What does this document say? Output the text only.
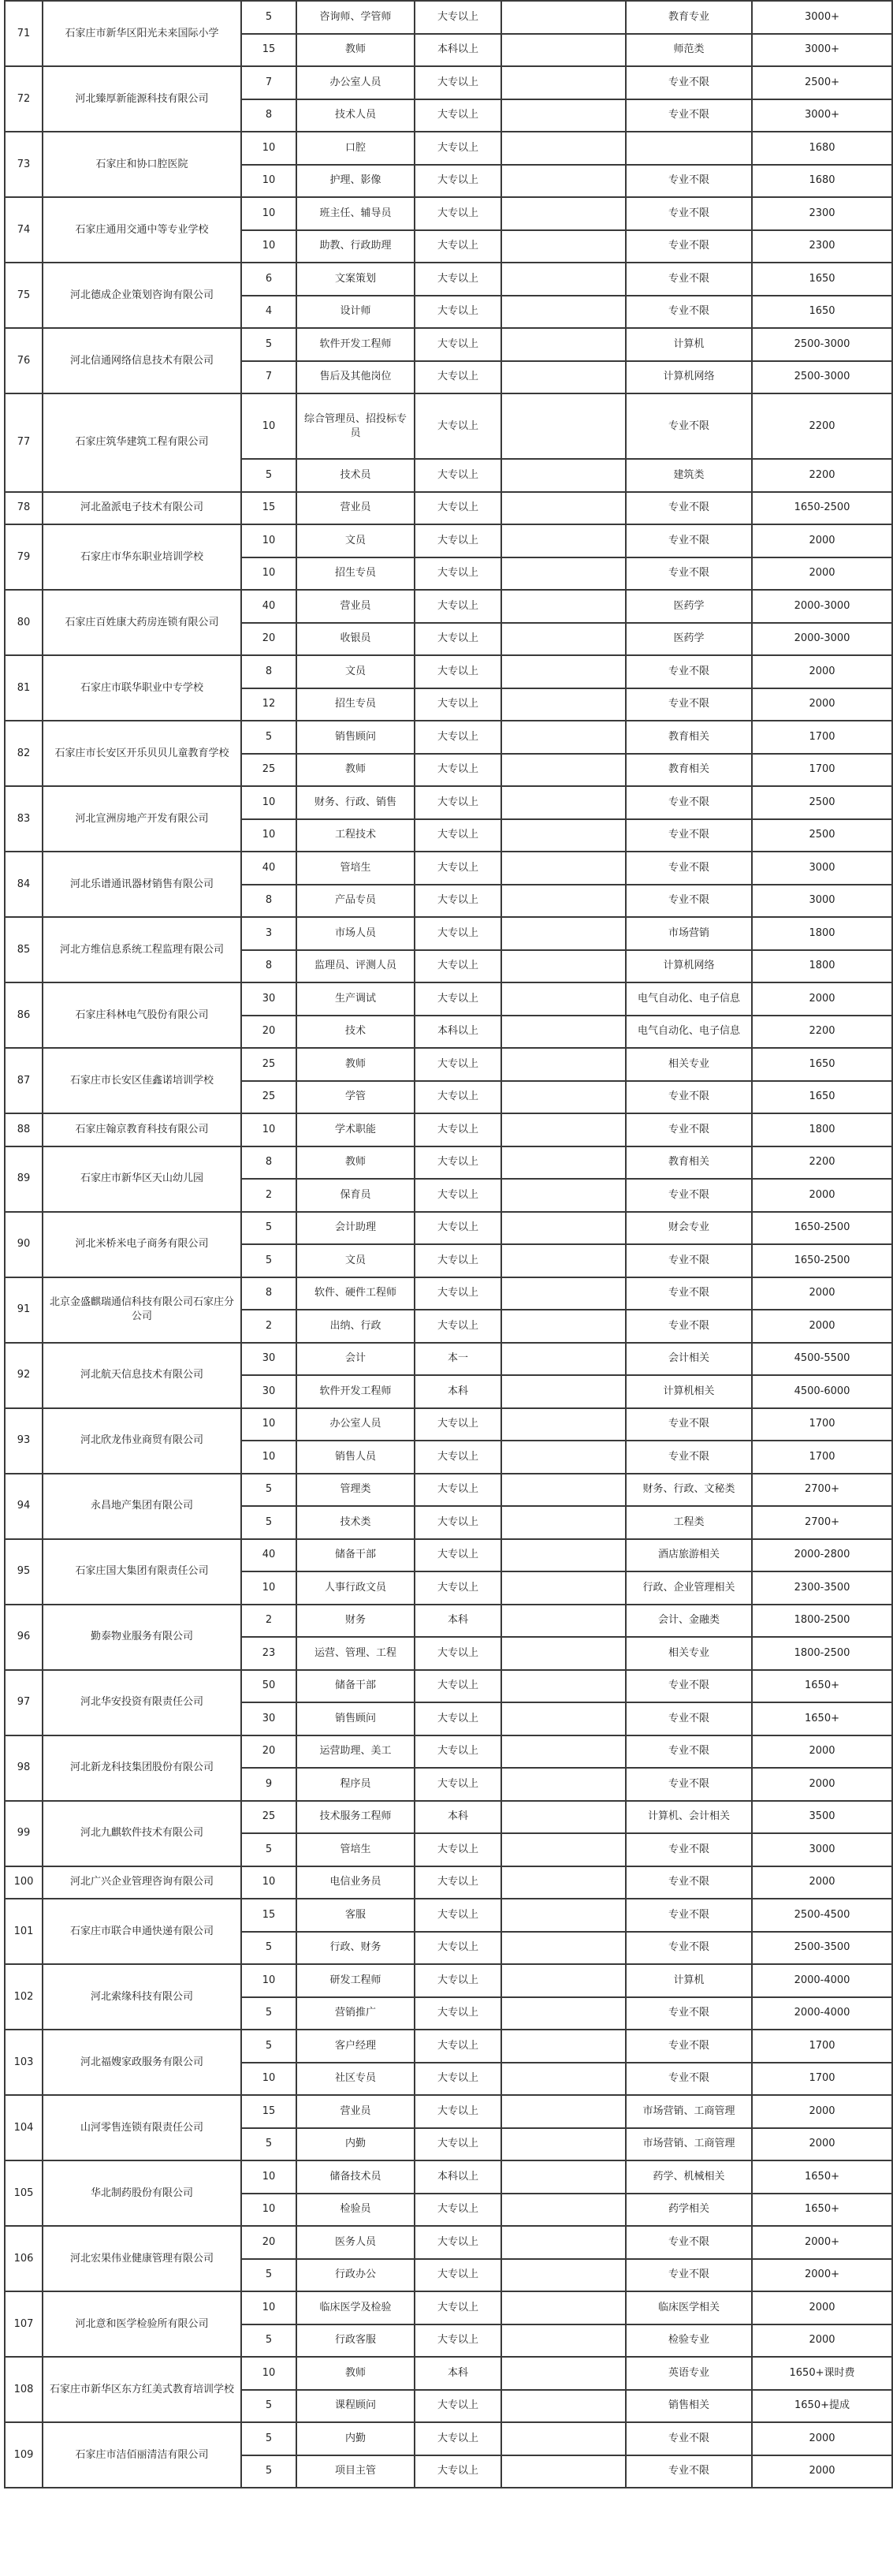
71	石家庄市新华区阳光未来国际小学	5	咨询师、学管师	大专以上		教育专业	3000+	
		15	教师	本科以上		师范类	3000+	
72	河北臻厚新能源科技有限公司	7	办公室人员	大专以上		专业不限	2500+	
		8	技术人员	大专以上		专业不限	3000+	
73	石家庄和协口腔医院	10	口腔	大专以上			1680	
		10	护理、影像	大专以上		专业不限	1680	
74	石家庄通用交通中等专业学校	10	班主任、辅导员	大专以上		专业不限	2300	
		10	助教、行政助理	大专以上		专业不限	2300	
75	河北德成企业策划咨询有限公司	6	文案策划	大专以上		专业不限	1650	
		4	设计师	大专以上		专业不限	1650	
76	河北信通网络信息技术有限公司	5	软件开发工程师	大专以上		计算机	2500-3000	
		7	售后及其他岗位	大专以上		计算机网络	2500-3000	
77	石家庄筑华建筑工程有限公司	10	综合管理员、招投标专员	大专以上		专业不限	2200	
		5	技术员	大专以上		建筑类	2200	
78	河北盈派电子技术有限公司	15	营业员	大专以上		专业不限	1650-2500	
79	石家庄市华东职业培训学校	10	文员	大专以上		专业不限	2000	
		10	招生专员	大专以上		专业不限	2000	
80	石家庄百姓康大药房连锁有限公司	40	营业员	大专以上		医药学	2000-3000	
		20	收银员	大专以上		医药学	2000-3000	
81	石家庄市联华职业中专学校	8	文员	大专以上		专业不限	2000	
		12	招生专员	大专以上		专业不限	2000	
82	石家庄市长安区开乐贝贝儿童教育学校	5	销售顾问	大专以上		教育相关	1700	
		25	教师	大专以上		教育相关	1700	
83	河北宣洲房地产开发有限公司	10	财务、行政、销售	大专以上		专业不限	2500	
		10	工程技术	大专以上		专业不限	2500	
84	河北乐谱通讯器材销售有限公司	40	管培生	大专以上		专业不限	3000	
		8	产品专员	大专以上		专业不限	3000	
85	河北方维信息系统工程监理有限公司	3	市场人员	大专以上		市场营销	1800	
		8	监理员、评测人员	大专以上		计算机网络	1800	
86	石家庄科林电气股份有限公司	30	生产调试	大专以上		电气自动化、电子信息	2000	
		20	技术	本科以上		电气自动化、电子信息	2200	
87	石家庄市长安区佳鑫诺培训学校	25	教师	大专以上		相关专业	1650	
		25	学管	大专以上		专业不限	1650	
88	石家庄翰京教育科技有限公司	10	学术职能	大专以上		专业不限	1800	
89	石家庄市新华区天山幼儿园	8	教师	大专以上		教育相关	2200	
		2	保育员	大专以上		专业不限	2000	
90	河北米桥米电子商务有限公司	5	会计助理	大专以上		财会专业	1650-2500	
		5	文员	大专以上		专业不限	1650-2500	
91	北京金盛麒瑞通信科技有限公司石家庄分公司	8	软件、硬件工程师	大专以上		专业不限	2000	
		2	出纳、行政	大专以上		专业不限	2000	
92	河北航天信息技术有限公司	30	会计	本一		会计相关	4500-5500	
		30	软件开发工程师	本科		计算机相关	4500-6000	
93	河北欣龙伟业商贸有限公司	10	办公室人员	大专以上		专业不限	1700	
		10	销售人员	大专以上		专业不限	1700	
94	永昌地产集团有限公司	5	管理类	大专以上		财务、行政、文秘类	2700+	
		5	技术类	大专以上		工程类	2700+	
95	石家庄国大集团有限责任公司	40	储备干部	大专以上		酒店旅游相关	2000-2800	
		10	人事行政文员	大专以上		行政、企业管理相关	2300-3500	
96	勤泰物业服务有限公司	2	财务	本科		会计、金融类	1800-2500	
		23	运营、管理、工程	大专以上		相关专业	1800-2500	
97	河北华安投资有限责任公司	50	储备干部	大专以上		专业不限	1650+	
		30	销售顾问	大专以上		专业不限	1650+	
98	河北新龙科技集团股份有限公司	20	运营助理、美工	大专以上		专业不限	2000	
		9	程序员	大专以上		专业不限	2000	
99	河北九麒软件技术有限公司	25	技术服务工程师	本科		计算机、会计相关	3500	
		5	管培生	大专以上		专业不限	3000	
100	河北广兴企业管理咨询有限公司	10	电信业务员	大专以上		专业不限	2000	
101	石家庄市联合申通快递有限公司	15	客服	大专以上		专业不限	2500-4500	
		5	行政、财务	大专以上		专业不限	2500-3500	
102	河北索缘科技有限公司	10	研发工程师	大专以上		计算机	2000-4000	
		5	营销推广	大专以上		专业不限	2000-4000	
103	河北福嫂家政服务有限公司	5	客户经理	大专以上		专业不限	1700	
		10	社区专员	大专以上		专业不限	1700	
104	山河零售连锁有限责任公司	15	营业员	大专以上		市场营销、工商管理	2000	
		5	内勤	大专以上		市场营销、工商管理	2000	
105	华北制药股份有限公司	10	储备技术员	本科以上		药学、机械相关	1650+	
		10	检验员	大专以上		药学相关	1650+	
106	河北宏果伟业健康管理有限公司	20	医务人员	大专以上		专业不限	2000+	
		5	行政办公	大专以上		专业不限	2000+	
107	河北意和医学检验所有限公司	10	临床医学及检验	大专以上		临床医学相关	2000	
		5	行政客服	大专以上		检验专业	2000	
108	石家庄市新华区东方红美式教育培训学校	10	教师	本科		英语专业	1650+课时费	
		5	课程顾问	大专以上		销售相关	1650+提成	
109	石家庄市洁佰丽清洁有限公司	5	内勤	大专以上		专业不限	2000	
		5	项目主管	大专以上		专业不限	2000	
